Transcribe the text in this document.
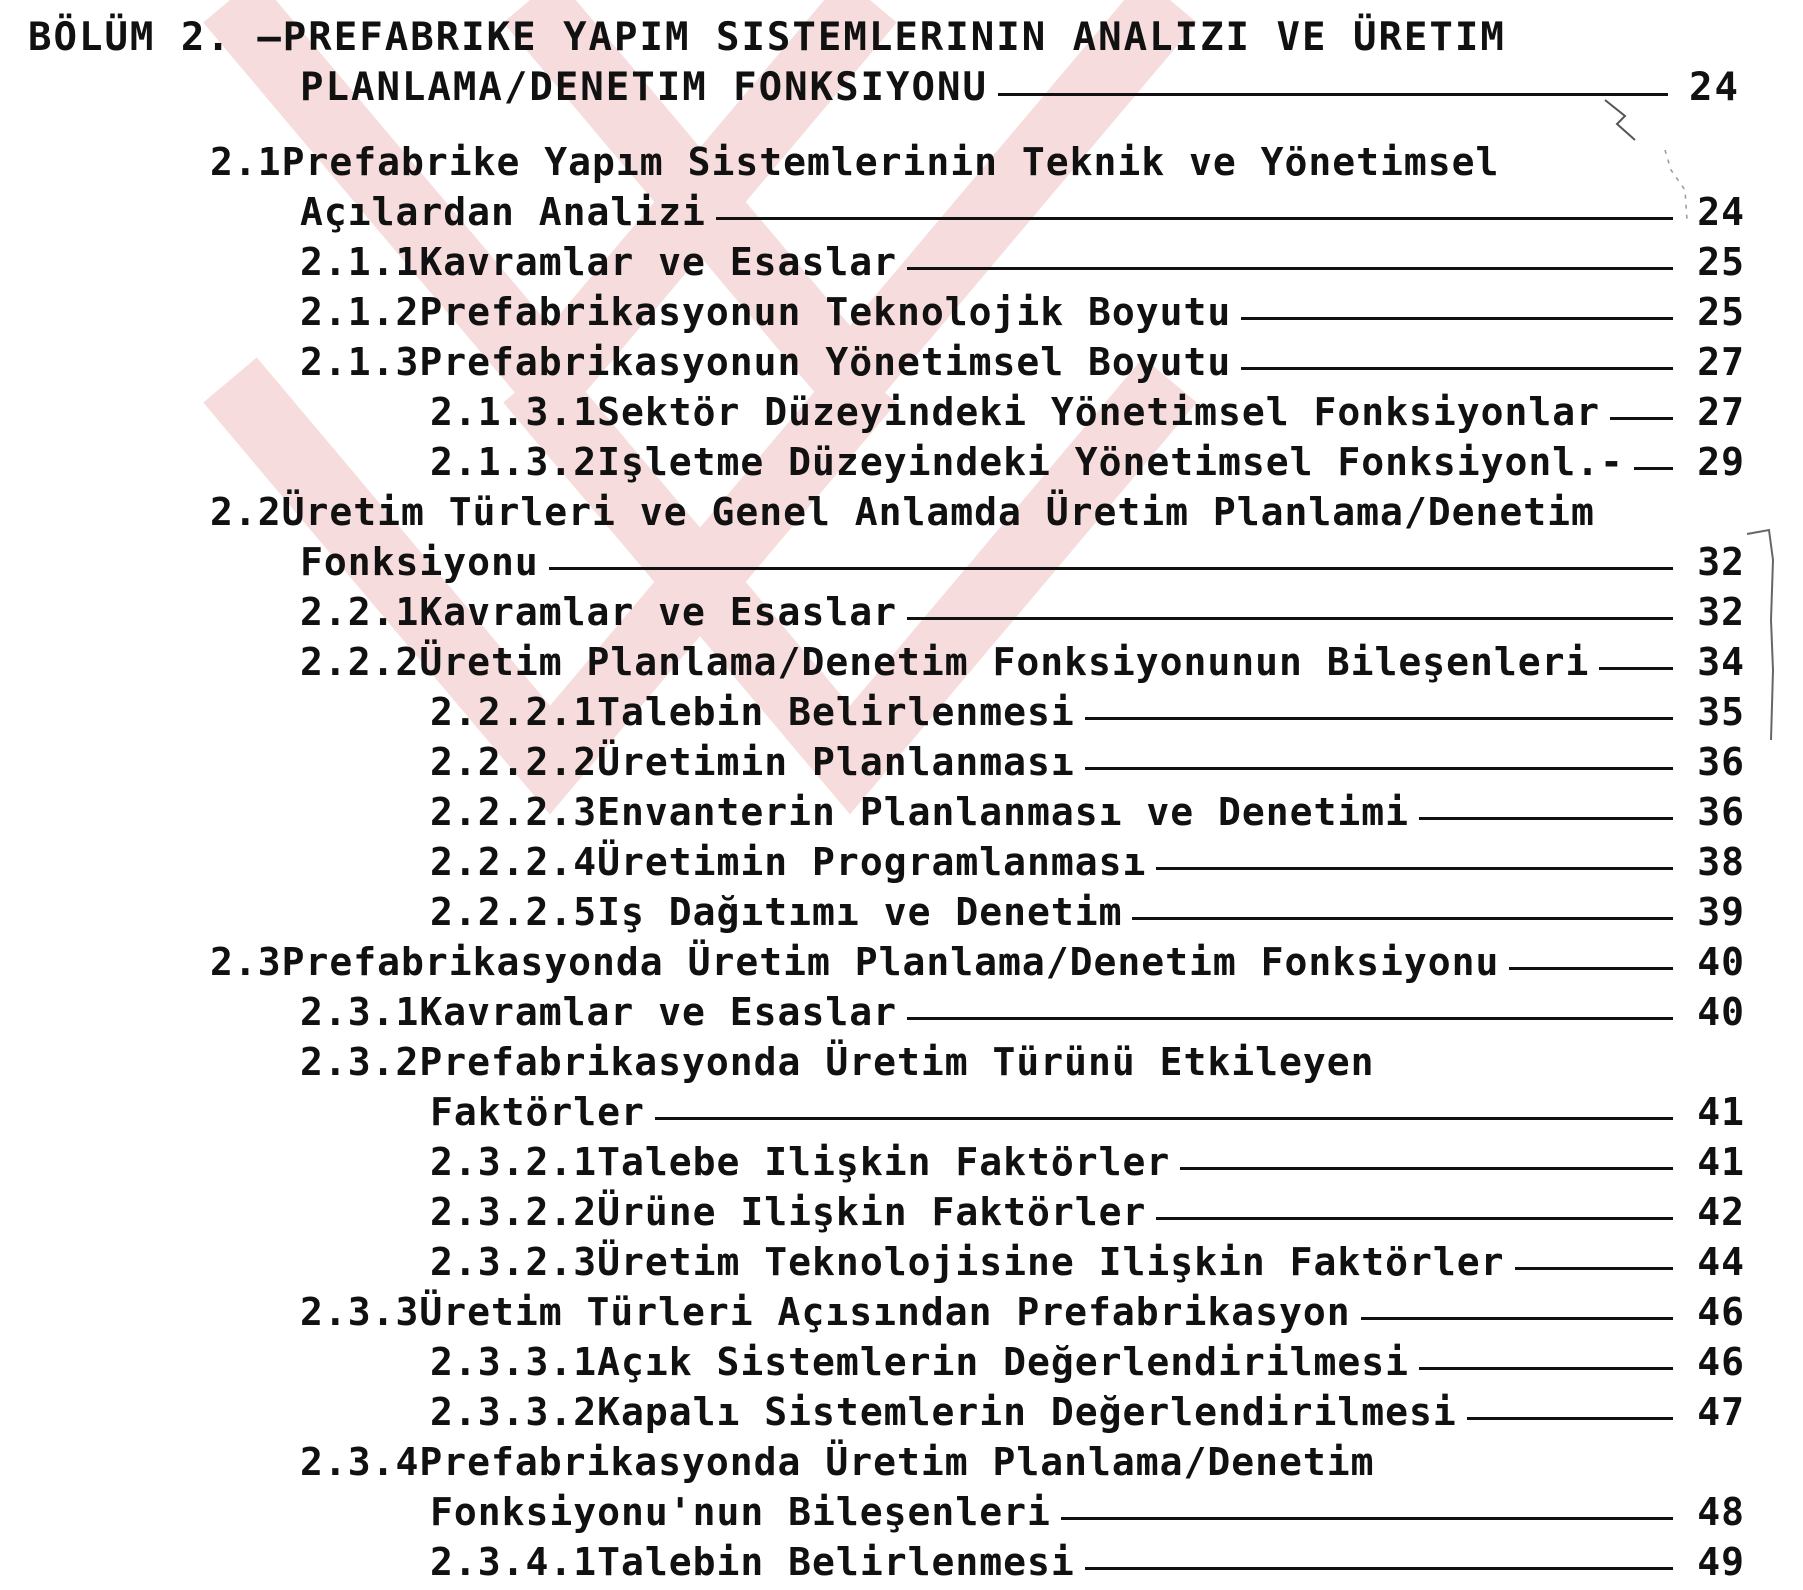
BÖLÜM 2. –PREFABRIKE YAPIM SISTEMLERININ ANALIZI VE ÜRETIM
PLANLAMA/DENETIM FONKSIYONU	24
2.1 Prefabrike Yapım Sistemlerinin Teknik ve Yönetimsel
Açılardan Analizi	24
2.1.1 Kavramlar ve Esaslar	25
2.1.2 Prefabrikasyonun Teknolojik Boyutu	25
2.1.3 Prefabrikasyonun Yönetimsel Boyutu	27
2.1.3.1 Sektör Düzeyindeki Yönetimsel Fonksiyonlar	27
2.1.3.2 Işletme Düzeyindeki Yönetimsel Fonksiyonl.- 29
2.2 Üretim Türleri ve Genel Anlamda Üretim Planlama/Denetim
Fonksiyonu	32
2.2.1 Kavramlar ve Esaslar	32
2.2.2 Üretim Planlama/Denetim Fonksiyonunun Bileşenleri	34
2.2.2.1 Talebin Belirlenmesi	35
2.2.2.2 Üretimin Planlanması	36
2.2.2.3 Envanterin Planlanması ve Denetimi	36
2.2.2.4 Üretimin Programlanması	38
2.2.2.5 Iş Dağıtımı ve Denetim	39
2.3 Prefabrikasyonda Üretim Planlama/Denetim Fonksiyonu	40
2.3.1 Kavramlar ve Esaslar	40
2.3.2 Prefabrikasyonda Üretim Türünü Etkileyen
Faktörler	41
2.3.2.1 Talebe Ilişkin Faktörler	41
2.3.2.2 Ürüne Ilişkin Faktörler	42
2.3.2.3 Üretim Teknolojisine Ilişkin Faktörler	44
2.3.3 Üretim Türleri Açısından Prefabrikasyon	46
2.3.3.1 Açık Sistemlerin Değerlendirilmesi	46
2.3.3.2 Kapalı Sistemlerin Değerlendirilmesi	47
2.3.4 Prefabrikasyonda Üretim Planlama/Denetim
Fonksiyonu'nun Bileşenleri	48
2.3.4.1 Talebin Belirlenmesi	49
